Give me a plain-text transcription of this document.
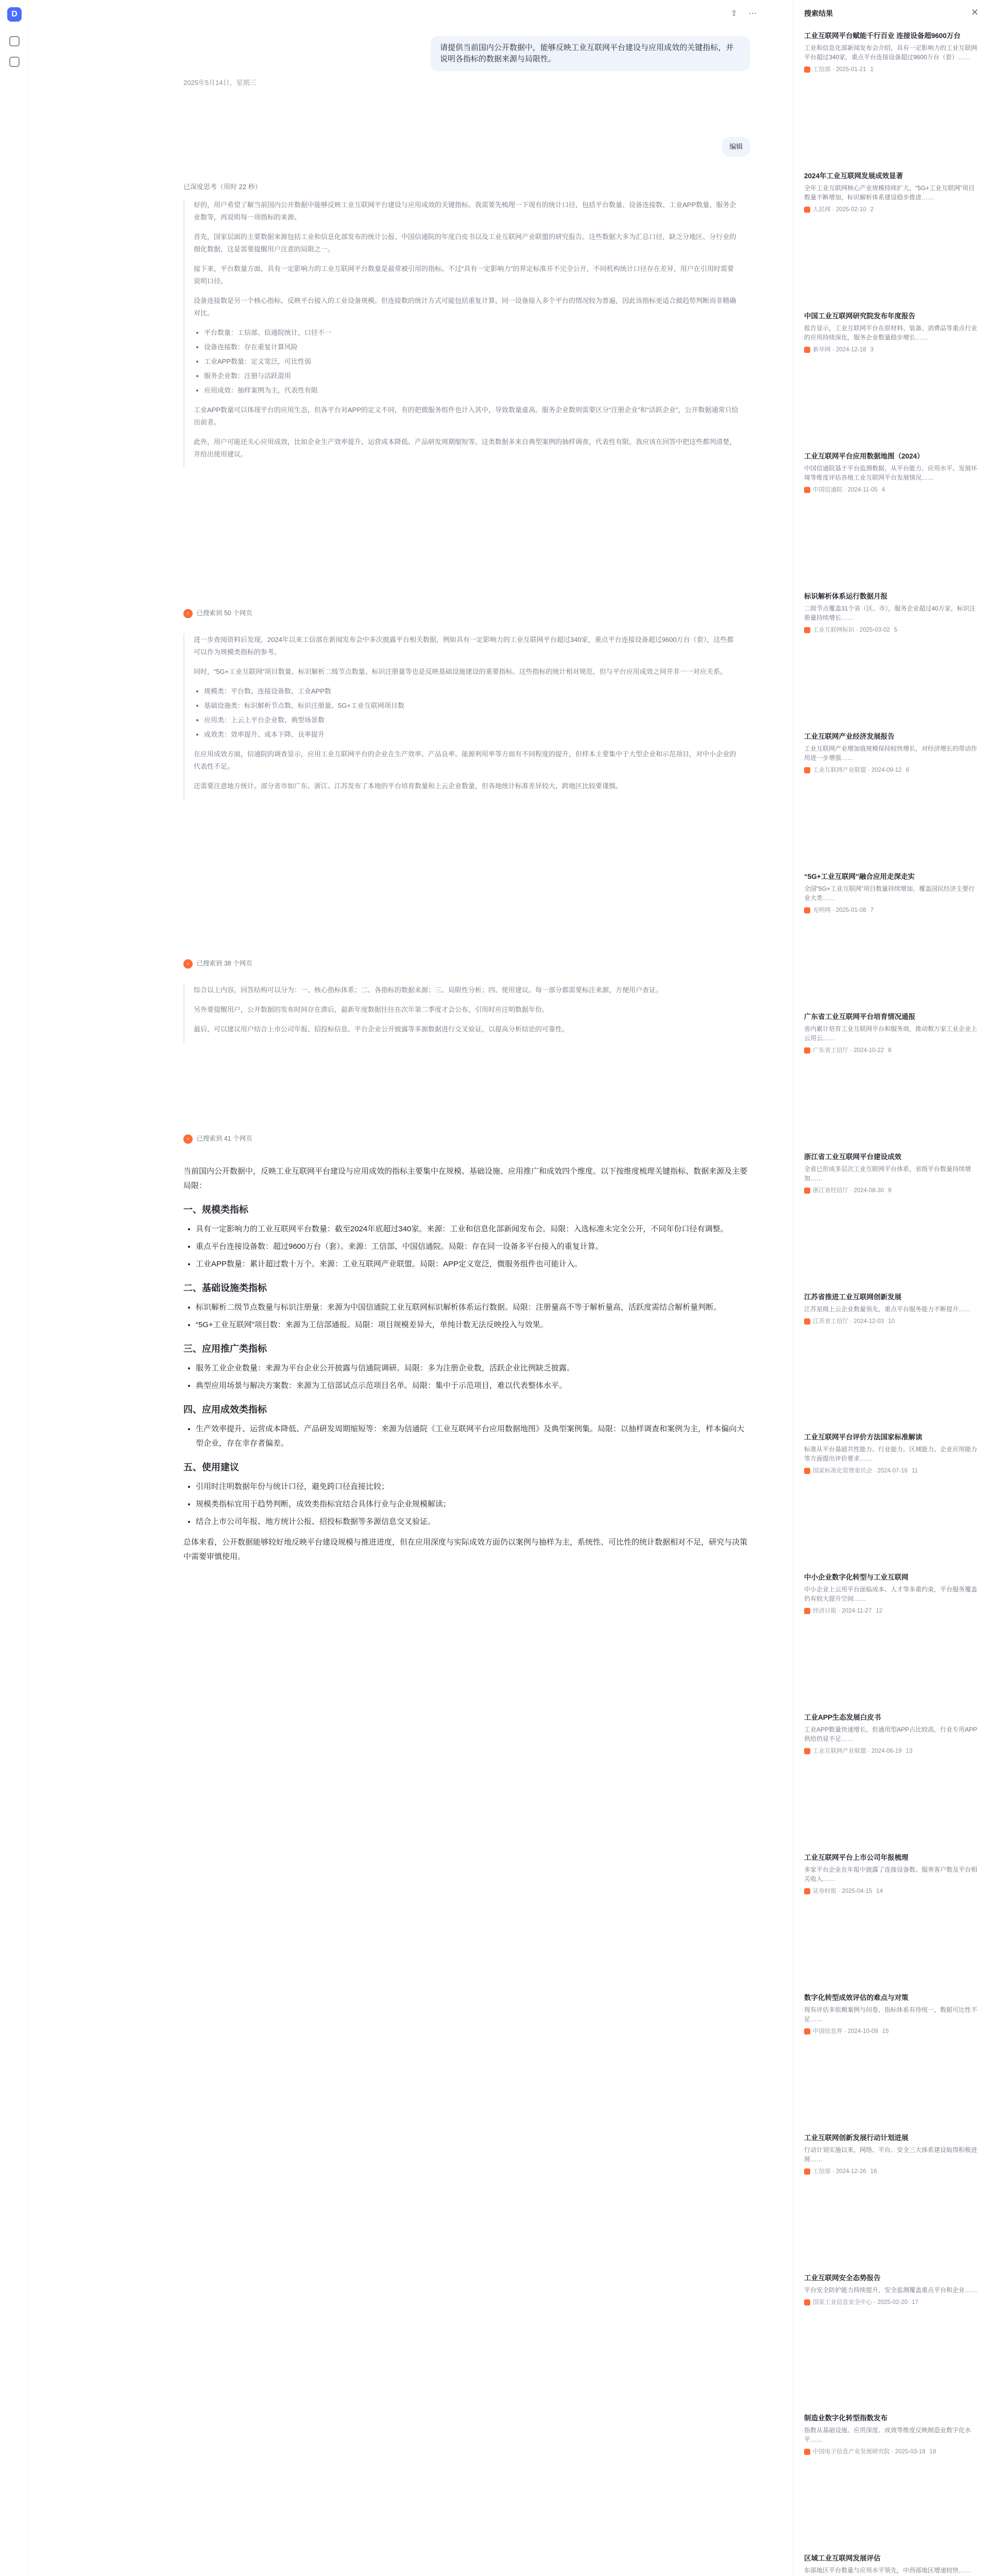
D	⇪ ⋯
请提供当前国内公开数据中，能够反映工业互联网平台建设与应用成效的关键指标，并说明各指标的数据来源与局限性。
2025年5月14日，星期三
编辑
已深度思考（用时 22 秒）

好的，用户希望了解当前国内公开数据中能够反映工业互联网平台建设与应用成效的关键指标。我需要先梳理一下现有的统计口径，包括平台数量、设备连接数、工业APP数量、服务企业数等，再说明每一项指标的来源。

首先，国家层面的主要数据来源包括工业和信息化部发布的统计公报、中国信通院的年度白皮书以及工业互联网产业联盟的研究报告。这些数据大多为汇总口径，缺乏分地区、分行业的细化数据，这是需要提醒用户注意的局限之一。

接下来，平台数量方面，具有一定影响力的工业互联网平台数量是最常被引用的指标。不过“具有一定影响力”的界定标准并不完全公开，不同机构统计口径存在差异，用户在引用时需要说明口径。

设备连接数是另一个核心指标，反映平台接入的工业设备规模。但连接数的统计方式可能包括重复计算，同一设备接入多个平台的情况较为普遍，因此该指标更适合做趋势判断而非精确对比。

• 平台数量：工信部、信通院统计，口径不一
• 设备连接数：存在重复计算风险
• 工业APP数量：定义宽泛，可比性弱
• 服务企业数：注册与活跃混用
• 应用成效：抽样案例为主，代表性有限

工业APP数量可以体现平台的应用生态，但各平台对APP的定义不同，有的把微服务组件也计入其中，导致数量虚高。服务企业数则需要区分“注册企业”和“活跃企业”，公开数据通常只给出前者。

此外，用户可能还关心应用成效，比如企业生产效率提升、运营成本降低、产品研发周期缩短等。这类数据多来自典型案例的抽样调查，代表性有限。我应该在回答中把这些都列清楚，并给出使用建议。

⌕ 已搜索到 50 个网页

进一步查阅资料后发现，2024年以来工信部在新闻发布会中多次披露平台相关数据，例如具有一定影响力的工业互联网平台超过340家，重点平台连接设备超过9600万台（套），这些都可以作为规模类指标的参考。

同时，“5G+工业互联网”项目数量、标识解析二级节点数量、标识注册量等也是反映基础设施建设的重要指标。这些指标的统计相对规范，但与平台应用成效之间并非一一对应关系。

• 规模类：平台数、连接设备数、工业APP数
• 基础设施类：标识解析节点数、标识注册量、5G+工业互联网项目数
• 应用类：上云上平台企业数、典型场景数
• 成效类：效率提升、成本下降、良率提升

在应用成效方面，信通院的调查显示，应用工业互联网平台的企业在生产效率、产品良率、能源利用率等方面有不同程度的提升，但样本主要集中于大型企业和示范项目，对中小企业的代表性不足。

还需要注意地方统计。部分省市如广东、浙江、江苏发布了本地的平台培育数量和上云企业数量，但各地统计标准差异较大，跨地区比较要谨慎。

⌕ 已搜索到 38 个网页

综合以上内容，回答结构可以分为：一、核心指标体系；二、各指标的数据来源；三、局限性分析；四、使用建议。每一部分都需要标注来源，方便用户查证。

另外要提醒用户，公开数据的发布时间存在滞后，最新年度数据往往在次年第二季度才会公布，引用时应注明数据年份。

最后，可以建议用户结合上市公司年报、招投标信息、平台企业公开披露等多源数据进行交叉验证，以提高分析结论的可靠性。

⌕ 已搜索到 41 个网页

当前国内公开数据中，反映工业互联网平台建设与应用成效的指标主要集中在规模、基础设施、应用推广和成效四个维度。以下按维度梳理关键指标、数据来源及主要局限：

一、规模类指标
• 具有一定影响力的工业互联网平台数量：截至2024年底超过340家。来源：工业和信息化部新闻发布会。局限：入选标准未完全公开，不同年份口径有调整。
• 重点平台连接设备数：超过9600万台（套）。来源：工信部、中国信通院。局限：存在同一设备多平台接入的重复计算。
• 工业APP数量：累计超过数十万个。来源：工业互联网产业联盟。局限：APP定义宽泛，微服务组件也可能计入。
二、基础设施类指标
• 标识解析二级节点数量与标识注册量：来源为中国信通院工业互联网标识解析体系运行数据。局限：注册量高不等于解析量高，活跃度需结合解析量判断。
• “5G+工业互联网”项目数：来源为工信部通报。局限：项目规模差异大，单纯计数无法反映投入与效果。
三、应用推广类指标
• 服务工业企业数量：来源为平台企业公开披露与信通院调研。局限：多为注册企业数，活跃企业比例缺乏披露。
• 典型应用场景与解决方案数：来源为工信部试点示范项目名单。局限：集中于示范项目，难以代表整体水平。
四、应用成效类指标
• 生产效率提升、运营成本降低、产品研发周期缩短等：来源为信通院《工业互联网平台应用数据地图》及典型案例集。局限：以抽样调查和案例为主，样本偏向大型企业，存在幸存者偏差。
五、使用建议
• 引用时注明数据年份与统计口径，避免跨口径直接比较；
• 规模类指标宜用于趋势判断，成效类指标宜结合具体行业与企业规模解读；
• 结合上市公司年报、地方统计公报、招投标数据等多源信息交叉验证。

总体来看，公开数据能够较好地反映平台建设规模与推进进度，但在应用深度与实际成效方面仍以案例与抽样为主，系统性、可比性的统计数据相对不足，研究与决策中需要审慎使用。

搜索结果	✕
工业互联网平台赋能千行百业 连接设备超9600万台
工业和信息化部新闻发布会介绍，具有一定影响力的工业互联网平台超过340家，重点平台连接设备超过9600万台（套）……
工信部 · 2025-01-21 1
2024年工业互联网发展成效显著
全年工业互联网核心产业规模持续扩大，“5G+工业互联网”项目数量不断增加，标识解析体系建设稳步推进……
人民网 · 2025-02-10 2
中国工业互联网研究院发布年度报告
报告显示，工业互联网平台在原材料、装备、消费品等重点行业的应用持续深化，服务企业数量稳步增长……
新华网 · 2024-12-18 3
工业互联网平台应用数据地图（2024）
中国信通院基于平台监测数据，从平台能力、应用水平、发展环境等维度评估各地工业互联网平台发展情况……
中国信通院 · 2024-11-05 4
标识解析体系运行数据月报
二级节点覆盖31个省（区、市），服务企业超过40万家，标识注册量持续增长……
工业互联网标识 · 2025-03-02 5
工业互联网产业经济发展报告
工业互联网产业增加值规模保持较快增长，对经济增长的带动作用进一步增强……
工业互联网产业联盟 · 2024-09-12 6
“5G+工业互联网”融合应用走深走实
全国“5G+工业互联网”项目数量持续增加，覆盖国民经济主要行业大类……
光明网 · 2025-01-08 7
广东省工业互联网平台培育情况通报
省内累计培育工业互联网平台和服务商，推动数万家工业企业上云用云……
广东省工信厅 · 2024-10-22 8
浙江省工业互联网平台建设成效
全省已形成多层次工业互联网平台体系，省级平台数量持续增加……
浙江省经信厅 · 2024-08-30 9
江苏省推进工业互联网创新发展
江苏星级上云企业数量领先，重点平台服务能力不断提升……
江苏省工信厅 · 2024-12-03 10
工业互联网平台评价方法国家标准解读
标准从平台基础共性能力、行业能力、区域能力、企业应用能力等方面提出评价要求……
国家标准化管理委员会 · 2024-07-16 11
中小企业数字化转型与工业互联网
中小企业上云用平台面临成本、人才等多重约束，平台服务覆盖仍有较大提升空间……
经济日报 · 2024-11-27 12
工业APP生态发展白皮书
工业APP数量快速增长，但通用型APP占比较高，行业专用APP供给仍显不足……
工业互联网产业联盟 · 2024-06-19 13
工业互联网平台上市公司年报梳理
多家平台企业在年报中披露了连接设备数、服务客户数及平台相关收入……
证券时报 · 2025-04-15 14
数字化转型成效评估的难点与对策
现有评估多依赖案例与问卷，指标体系有待统一，数据可比性不足……
中国信息界 · 2024-10-09 15
工业互联网创新发展行动计划进展
行动计划实施以来，网络、平台、安全三大体系建设取得积极进展……
工信部 · 2024-12-26 16
工业互联网安全态势报告
平台安全防护能力持续提升，安全监测覆盖重点平台和企业……
国家工业信息安全中心 · 2025-02-20 17
制造业数字化转型指数发布
指数从基础设施、应用深度、成效等维度反映制造业数字化水平……
中国电子信息产业发展研究院 · 2025-03-18 18
区域工业互联网发展评估
东部地区平台数量与应用水平领先，中西部地区增速较快……
